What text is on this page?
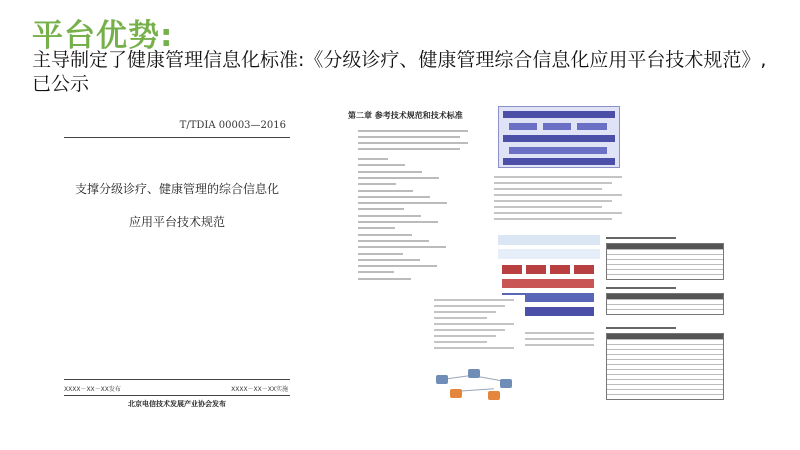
平台优势:
主导制定了健康管理信息化标准:《分级诊疗、健康管理综合信息化应用平台技术规范》,已公示
T/TDIA 00003—2016
支撑分级诊疗、健康管理的综合信息化
应用平台技术规范
XXXX－XX－XX发布	XXXX－XX－XX实施
北京电信技术发展产业协会发布
第二章 参考技术规范和技术标准
